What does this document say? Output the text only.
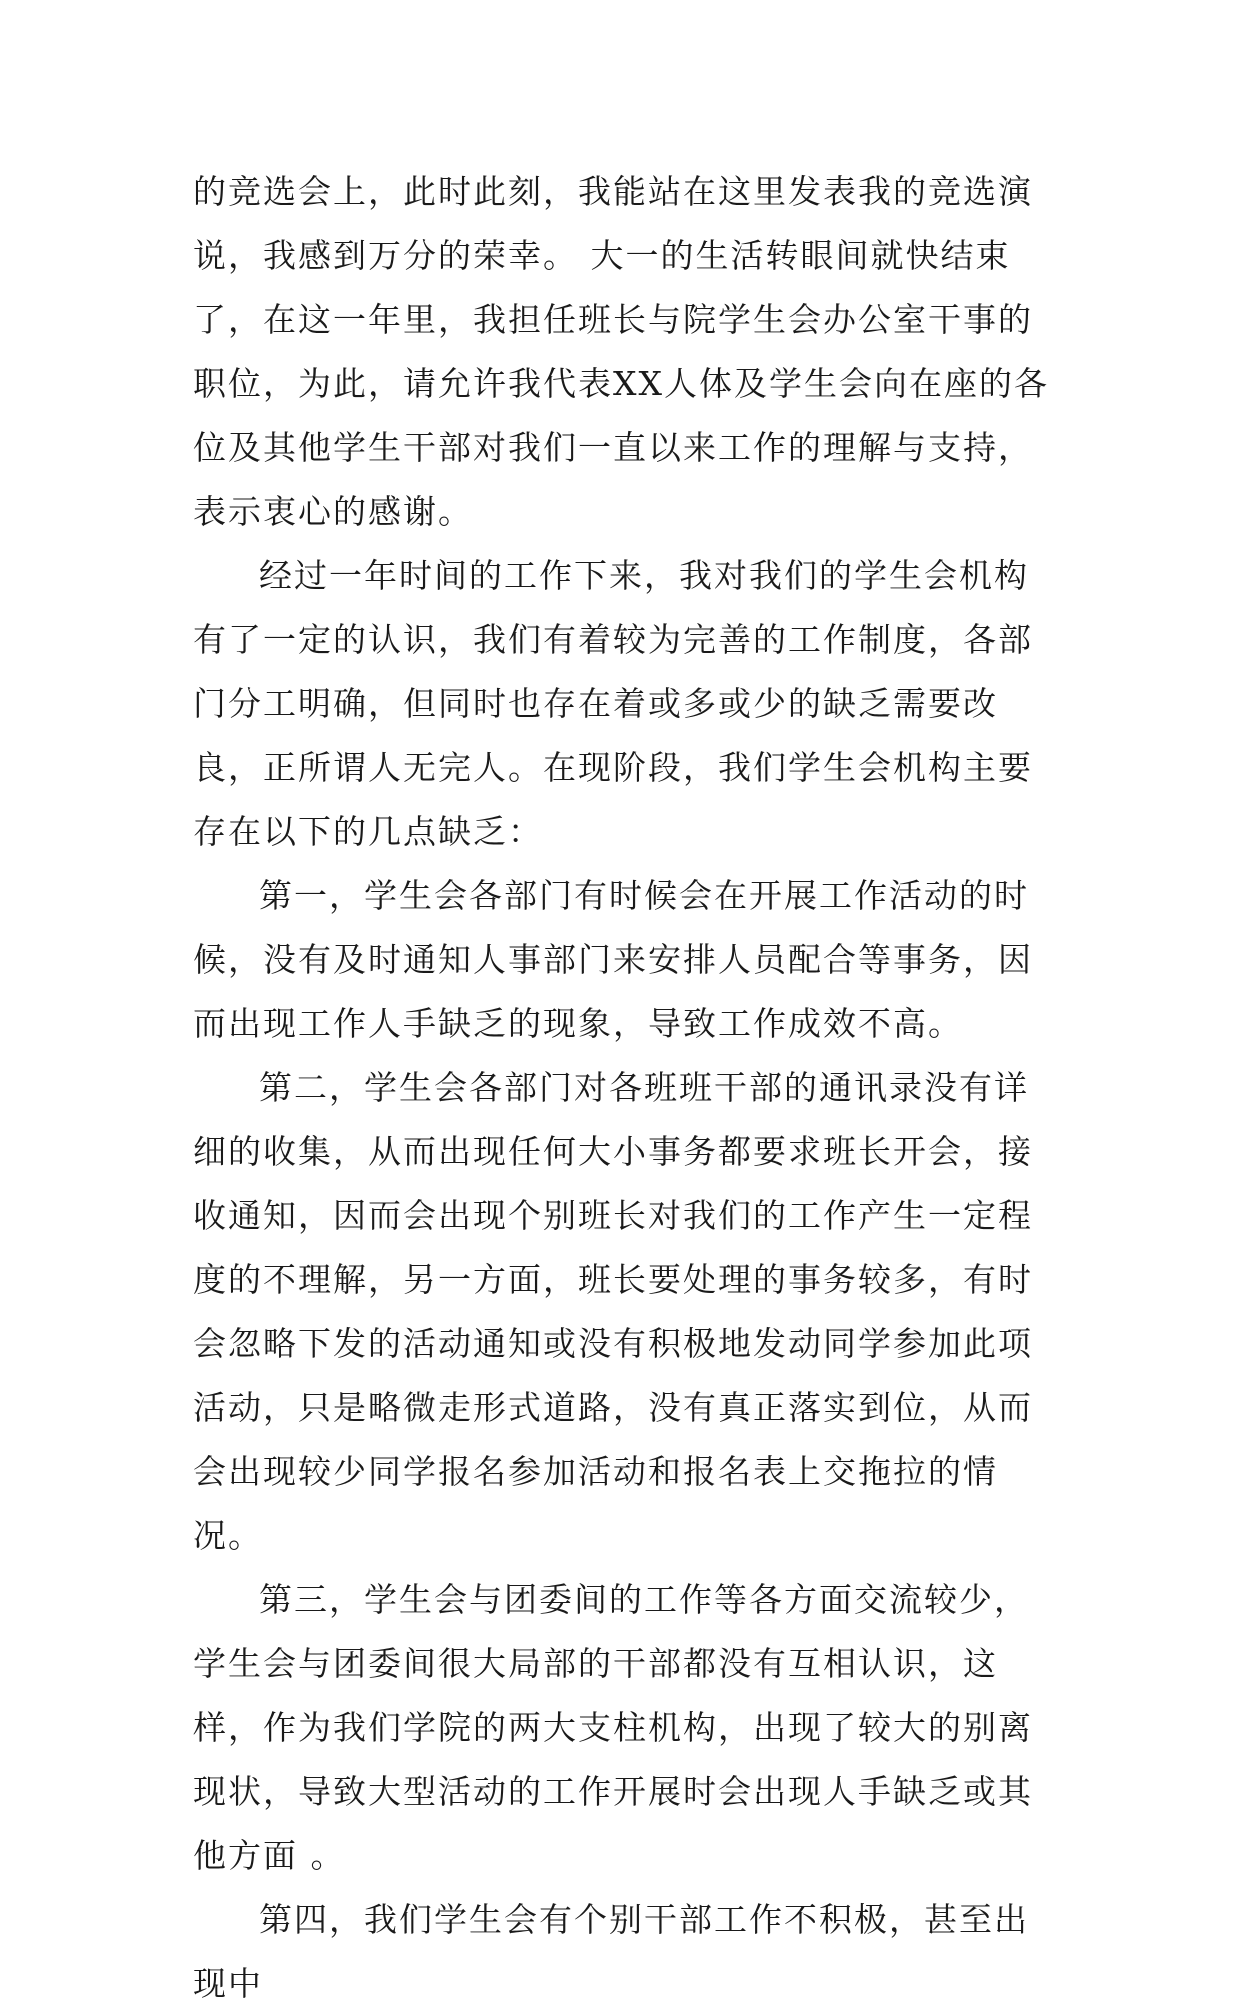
的竞选会上，此时此刻，我能站在这里发表我的竞选演说，我感到万分的荣幸。 大一的生活转眼间就快结束了，在这一年里，我担任班长与院学生会办公室干事的职位，为此，请允许我代表XX人体及学生会向在座的各位及其他学生干部对我们一直以来工作的理解与支持，表示衷心的感谢。

经过一年时间的工作下来，我对我们的学生会机构有了一定的认识，我们有着较为完善的工作制度，各部门分工明确，但同时也存在着或多或少的缺乏需要改良，正所谓人无完人。在现阶段，我们学生会机构主要存在以下的几点缺乏：

第一，学生会各部门有时候会在开展工作活动的时候，没有及时通知人事部门来安排人员配合等事务，因而出现工作人手缺乏的现象，导致工作成效不高。

第二，学生会各部门对各班班干部的通讯录没有详细的收集，从而出现任何大小事务都要求班长开会，接收通知，因而会出现个别班长对我们的工作产生一定程度的不理解，另一方面，班长要处理的事务较多，有时会忽略下发的活动通知或没有积极地发动同学参加此项活动，只是略微走形式道路，没有真正落实到位，从而会出现较少同学报名参加活动和报名表上交拖拉的情况。

第三，学生会与团委间的工作等各方面交流较少，学生会与团委间很大局部的干部都没有互相认识，这样，作为我们学院的两大支柱机构，出现了较大的别离现状，导致大型活动的工作开展时会出现人手缺乏或其他方面 。

第四，我们学生会有个别干部工作不积极，甚至出现中
